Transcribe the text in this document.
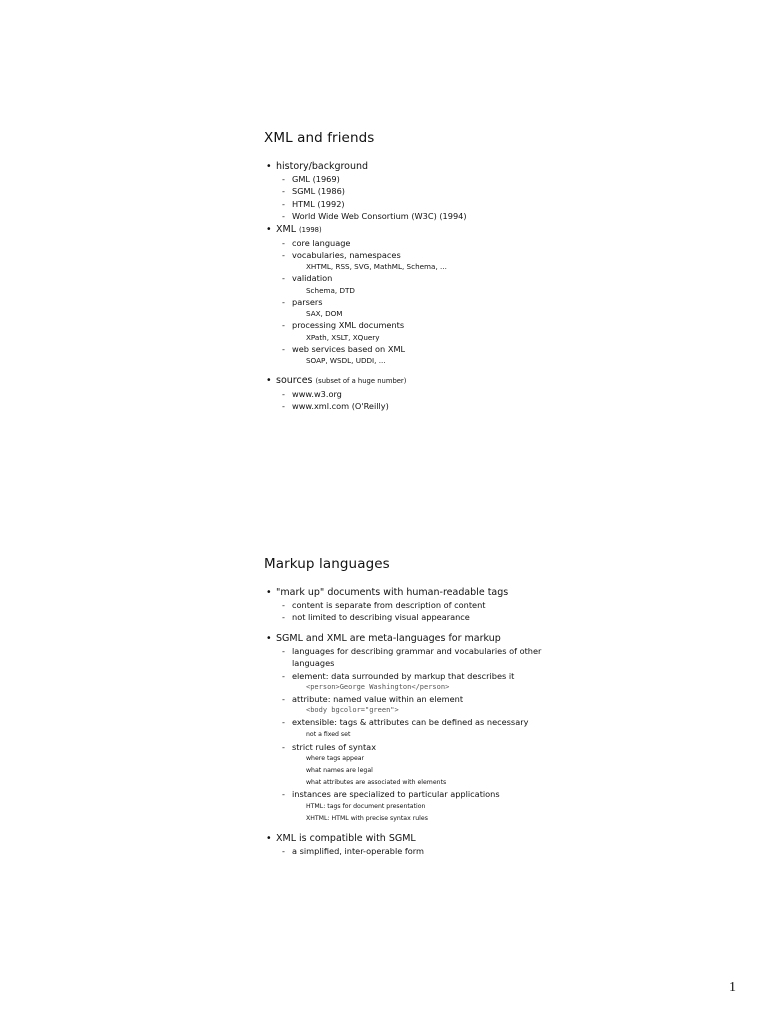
XML and friends
• history/background
- GML (1969)
- SGML (1986)
- HTML (1992)
- World Wide Web Consortium (W3C) (1994)
• XML (1998)
- core language
- vocabularies, namespaces
XHTML, RSS, SVG, MathML, Schema, ...
- validation
Schema, DTD
- parsers
SAX, DOM
- processing XML documents
XPath, XSLT, XQuery
- web services based on XML
SOAP, WSDL, UDDI, ...
• sources (subset of a huge number)
- www.w3.org
- www.xml.com (O'Reilly)
Markup languages
• "mark up" documents with human-readable tags
- content is separate from description of content
- not limited to describing visual appearance
• SGML and XML are meta-languages for markup
- languages for describing grammar and vocabularies of other languages
- element: data surrounded by markup that describes it
<person>George Washington</person>
- attribute: named value within an element
<body bgcolor="green">
- extensible: tags & attributes can be defined as necessary
not a fixed set
- strict rules of syntax
where tags appear
what names are legal
what attributes are associated with elements
- instances are specialized to particular applications
HTML: tags for document presentation
XHTML: HTML with precise syntax rules
• XML is compatible with SGML
- a simplified, inter-operable form
1
